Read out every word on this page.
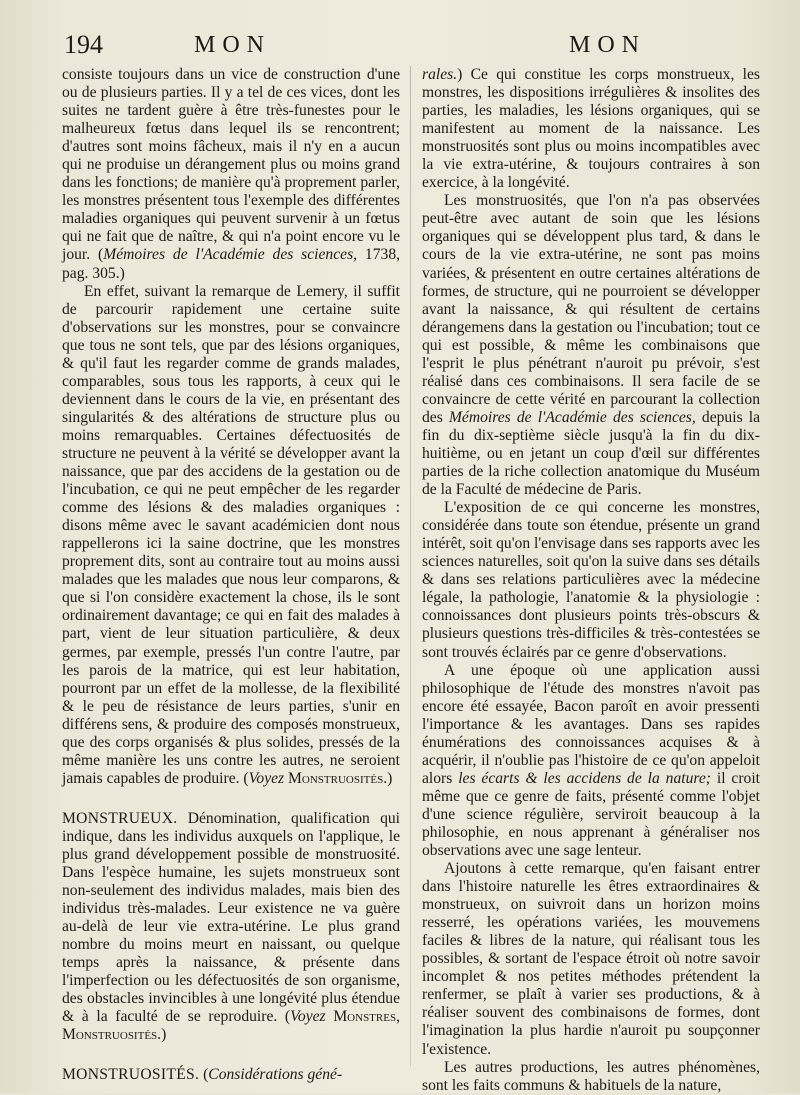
194	MON	MON

consiste toujours dans un vice de construction d'une ou de plusieurs parties. Il y a tel de ces vices, dont les suites ne tardent guère à être très-funestes pour le malheureux fœtus dans lequel ils se rencontrent; d'autres sont moins fâcheux, mais il n'y en a aucun qui ne produise un dérangement plus ou moins grand dans les fonctions; de manière qu'à proprement parler, les monstres présentent tous l'exemple des différentes maladies organiques qui peuvent survenir à un fœtus qui ne fait que de naître, & qui n'a point encore vu le jour. (Mémoires de l'Académie des sciences, 1738, pag. 305.)

En effet, suivant la remarque de Lemery, il suffit de parcourir rapidement une certaine suite d'observations sur les monstres, pour se convaincre que tous ne sont tels, que par des lésions organiques, & qu'il faut les regarder comme de grands malades, comparables, sous tous les rapports, à ceux qui le deviennent dans le cours de la vie, en présentant des singularités & des altérations de structure plus ou moins remarquables. Certaines défectuosités de structure ne peuvent à la vérité se développer avant la naissance, que par des accidens de la gestation ou de l'incubation, ce qui ne peut empêcher de les regarder comme des lésions & des maladies organiques : disons même avec le savant académicien dont nous rappellerons ici la saine doctrine, que les monstres proprement dits, sont au contraire tout au moins aussi malades que les malades que nous leur comparons, & que si l'on considère exactement la chose, ils le sont ordinairement davantage; ce qui en fait des malades à part, vient de leur situation particulière, & deux germes, par exemple, pressés l'un contre l'autre, par les parois de la matrice, qui est leur habitation, pourront par un effet de la mollesse, de la flexibilité & le peu de résistance de leurs parties, s'unir en différens sens, & produire des composés monstrueux, que des corps organisés & plus solides, pressés de la même manière les uns contre les autres, ne seroient jamais capables de produire. (Voyez Monstruosités.)

MONSTRUEUX. Dénomination, qualification qui indique, dans les individus auxquels on l'applique, le plus grand développement possible de monstruosité. Dans l'espèce humaine, les sujets monstrueux sont non-seulement des individus malades, mais bien des individus très-malades. Leur existence ne va guère au-delà de leur vie extra-utérine. Le plus grand nombre du moins meurt en naissant, ou quelque temps après la naissance, & présente dans l'imperfection ou les défectuosités de son organisme, des obstacles invincibles à une longévité plus étendue & à la faculté de se reproduire. (Voyez Monstres, Monstruosités.)

MONSTRUOSITÉS. (Considérations géné-

rales.) Ce qui constitue les corps monstrueux, les monstres, les dispositions irrégulières & insolites des parties, les maladies, les lésions organiques, qui se manifestent au moment de la naissance. Les monstruosités sont plus ou moins incompatibles avec la vie extra-utérine, & toujours contraires à son exercice, à la longévité.

Les monstruosités, que l'on n'a pas observées peut-être avec autant de soin que les lésions organiques qui se développent plus tard, & dans le cours de la vie extra-utérine, ne sont pas moins variées, & présentent en outre certaines altérations de formes, de structure, qui ne pourroient se développer avant la naissance, & qui résultent de certains dérangemens dans la gestation ou l'incubation; tout ce qui est possible, & même les combinaisons que l'esprit le plus pénétrant n'auroit pu prévoir, s'est réalisé dans ces combinaisons. Il sera facile de se convaincre de cette vérité en parcourant la collection des Mémoires de l'Académie des sciences, depuis la fin du dix-septième siècle jusqu'à la fin du dix-huitième, ou en jetant un coup d'œil sur différentes parties de la riche collection anatomique du Muséum de la Faculté de médecine de Paris.

L'exposition de ce qui concerne les monstres, considérée dans toute son étendue, présente un grand intérêt, soit qu'on l'envisage dans ses rapports avec les sciences naturelles, soit qu'on la suive dans ses détails & dans ses relations particulières avec la médecine légale, la pathologie, l'anatomie & la physiologie : connoissances dont plusieurs points très-obscurs & plusieurs questions très-difficiles & très-contestées se sont trouvés éclairés par ce genre d'observations.

A une époque où une application aussi philosophique de l'étude des monstres n'avoit pas encore été essayée, Bacon paroît en avoir pressenti l'importance & les avantages. Dans ses rapides énumérations des connoissances acquises & à acquérir, il n'oublie pas l'histoire de ce qu'on appeloit alors les écarts & les accidens de la nature; il croit même que ce genre de faits, présenté comme l'objet d'une science régulière, serviroit beaucoup à la philosophie, en nous apprenant à généraliser nos observations avec une sage lenteur.

Ajoutons à cette remarque, qu'en faisant entrer dans l'histoire naturelle les êtres extraordinaires & monstrueux, on suivroit dans un horizon moins resserré, les opérations variées, les mouvemens faciles & libres de la nature, qui réalisant tous les possibles, & sortant de l'espace étroit où notre savoir incomplet & nos petites méthodes prétendent la renfermer, se plaît à varier ses productions, & à réaliser souvent des combinaisons de formes, dont l'imagination la plus hardie n'auroit pu soupçonner l'existence.

Les autres productions, les autres phénomènes, sont les faits communs & habituels de la nature,
